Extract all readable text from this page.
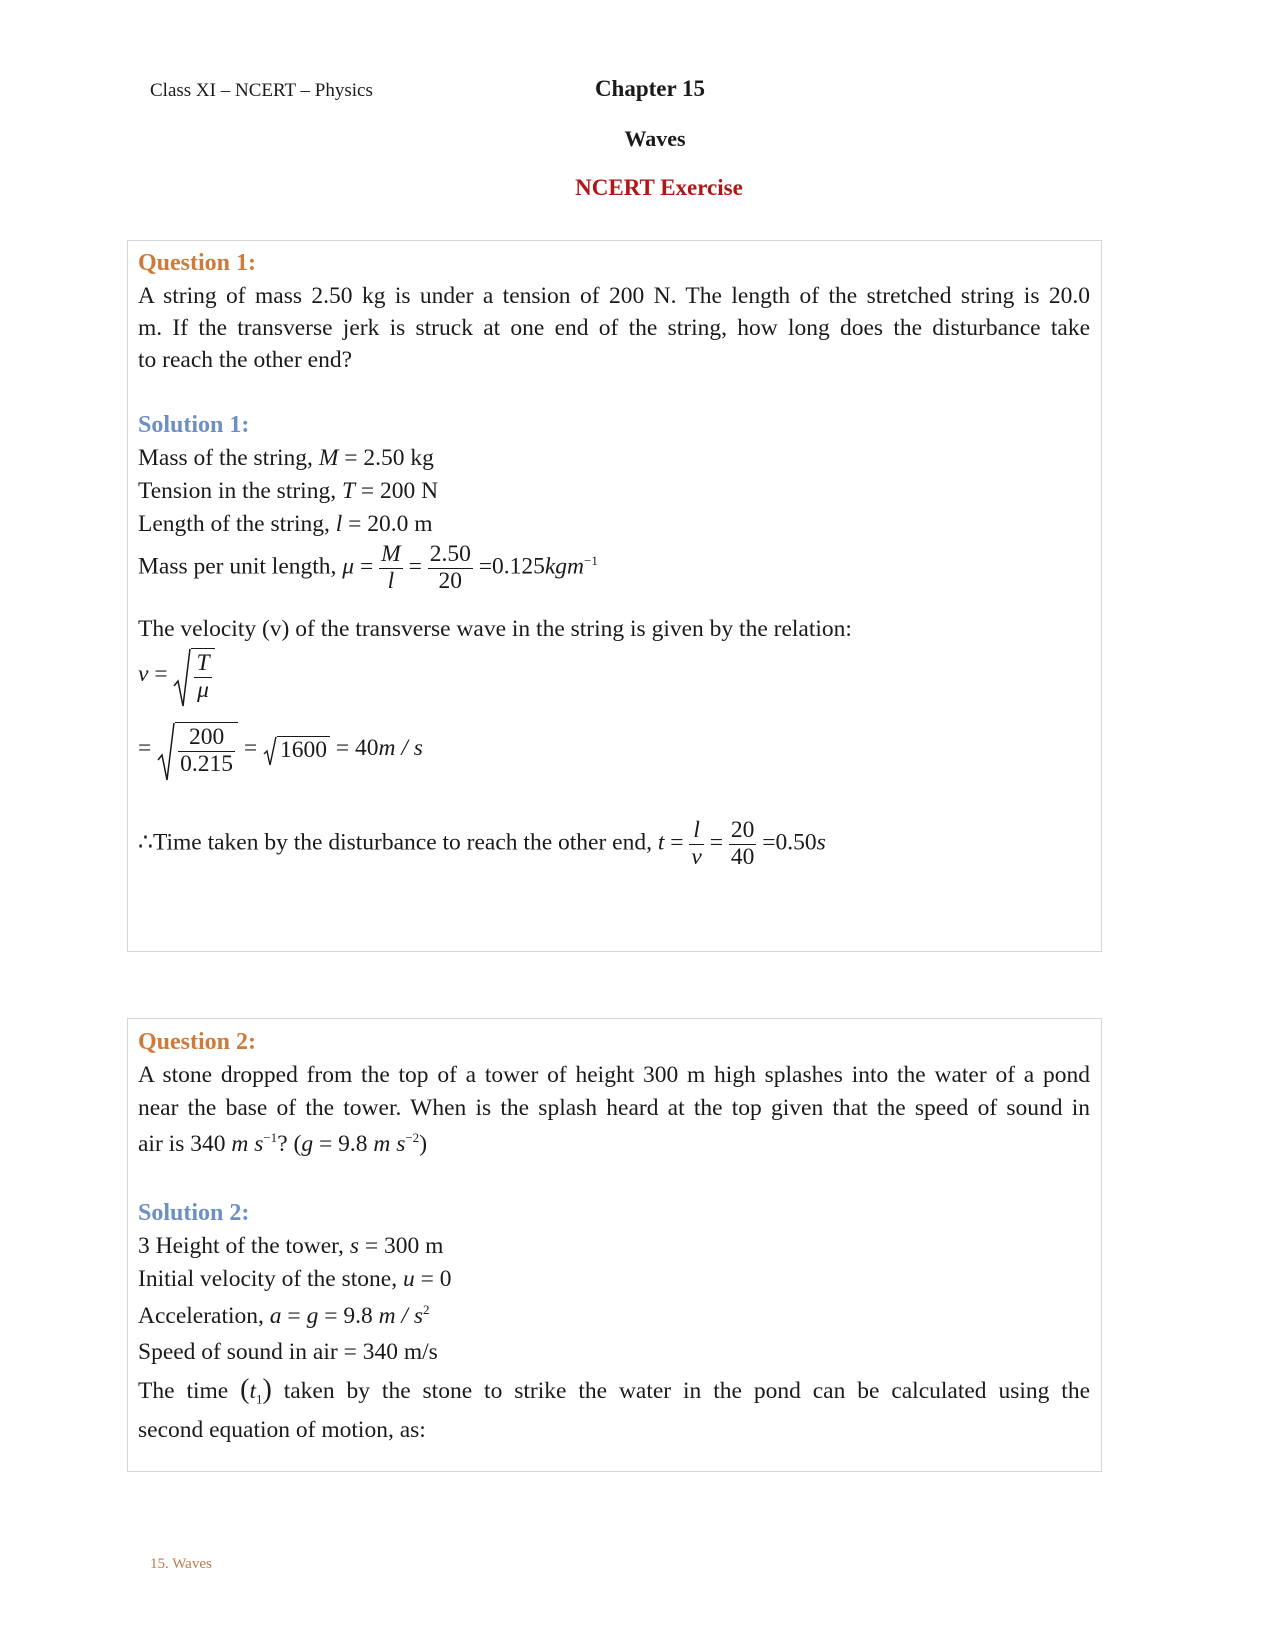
Class XI – NCERT – Physics	Chapter 15
Waves
NCERT Exercise
Question 1:
A string of mass 2.50 kg is under a tension of 200 N. The length of the stretched string is 20.0
m. If the transverse jerk is struck at one end of the string, how long does the disturbance take
to reach the other end?
Solution 1:
Mass of the string, M = 2.50 kg
Tension in the string, T = 200 N
Length of the string, l = 20.0 m
Mass per unit length, $\mu = \frac{M}{l} = \frac{2.50}{20} =0.125kgm^{-1}$
The velocity (v) of the transverse wave in the string is given by the relation:
$v = \frac{T}{\mu}$
= $\frac{200}{0.215} = 1600 = 40m / s$
∴Time taken by the disturbance to reach the other end, $t = \frac{l}{v} = \frac{20}{40} =0.50s$
Question 2:
A stone dropped from the top of a tower of height 300 m high splashes into the water of a pond
near the base of the tower. When is the splash heard at the top given that the speed of sound in
air is 340 m $s^{-1}$? (g = 9.8 m $s^{-2}$)
Solution 2:
3 Height of the tower, s = 300 m
Initial velocity of the stone, u = 0
Acceleration, a = g = 9.8 m / $s^2$
Speed of sound in air = 340 m/s
The time $(t_1)$ taken by the stone to strike the water in the pond can be calculated using the
second equation of motion, as:
15. Waves
